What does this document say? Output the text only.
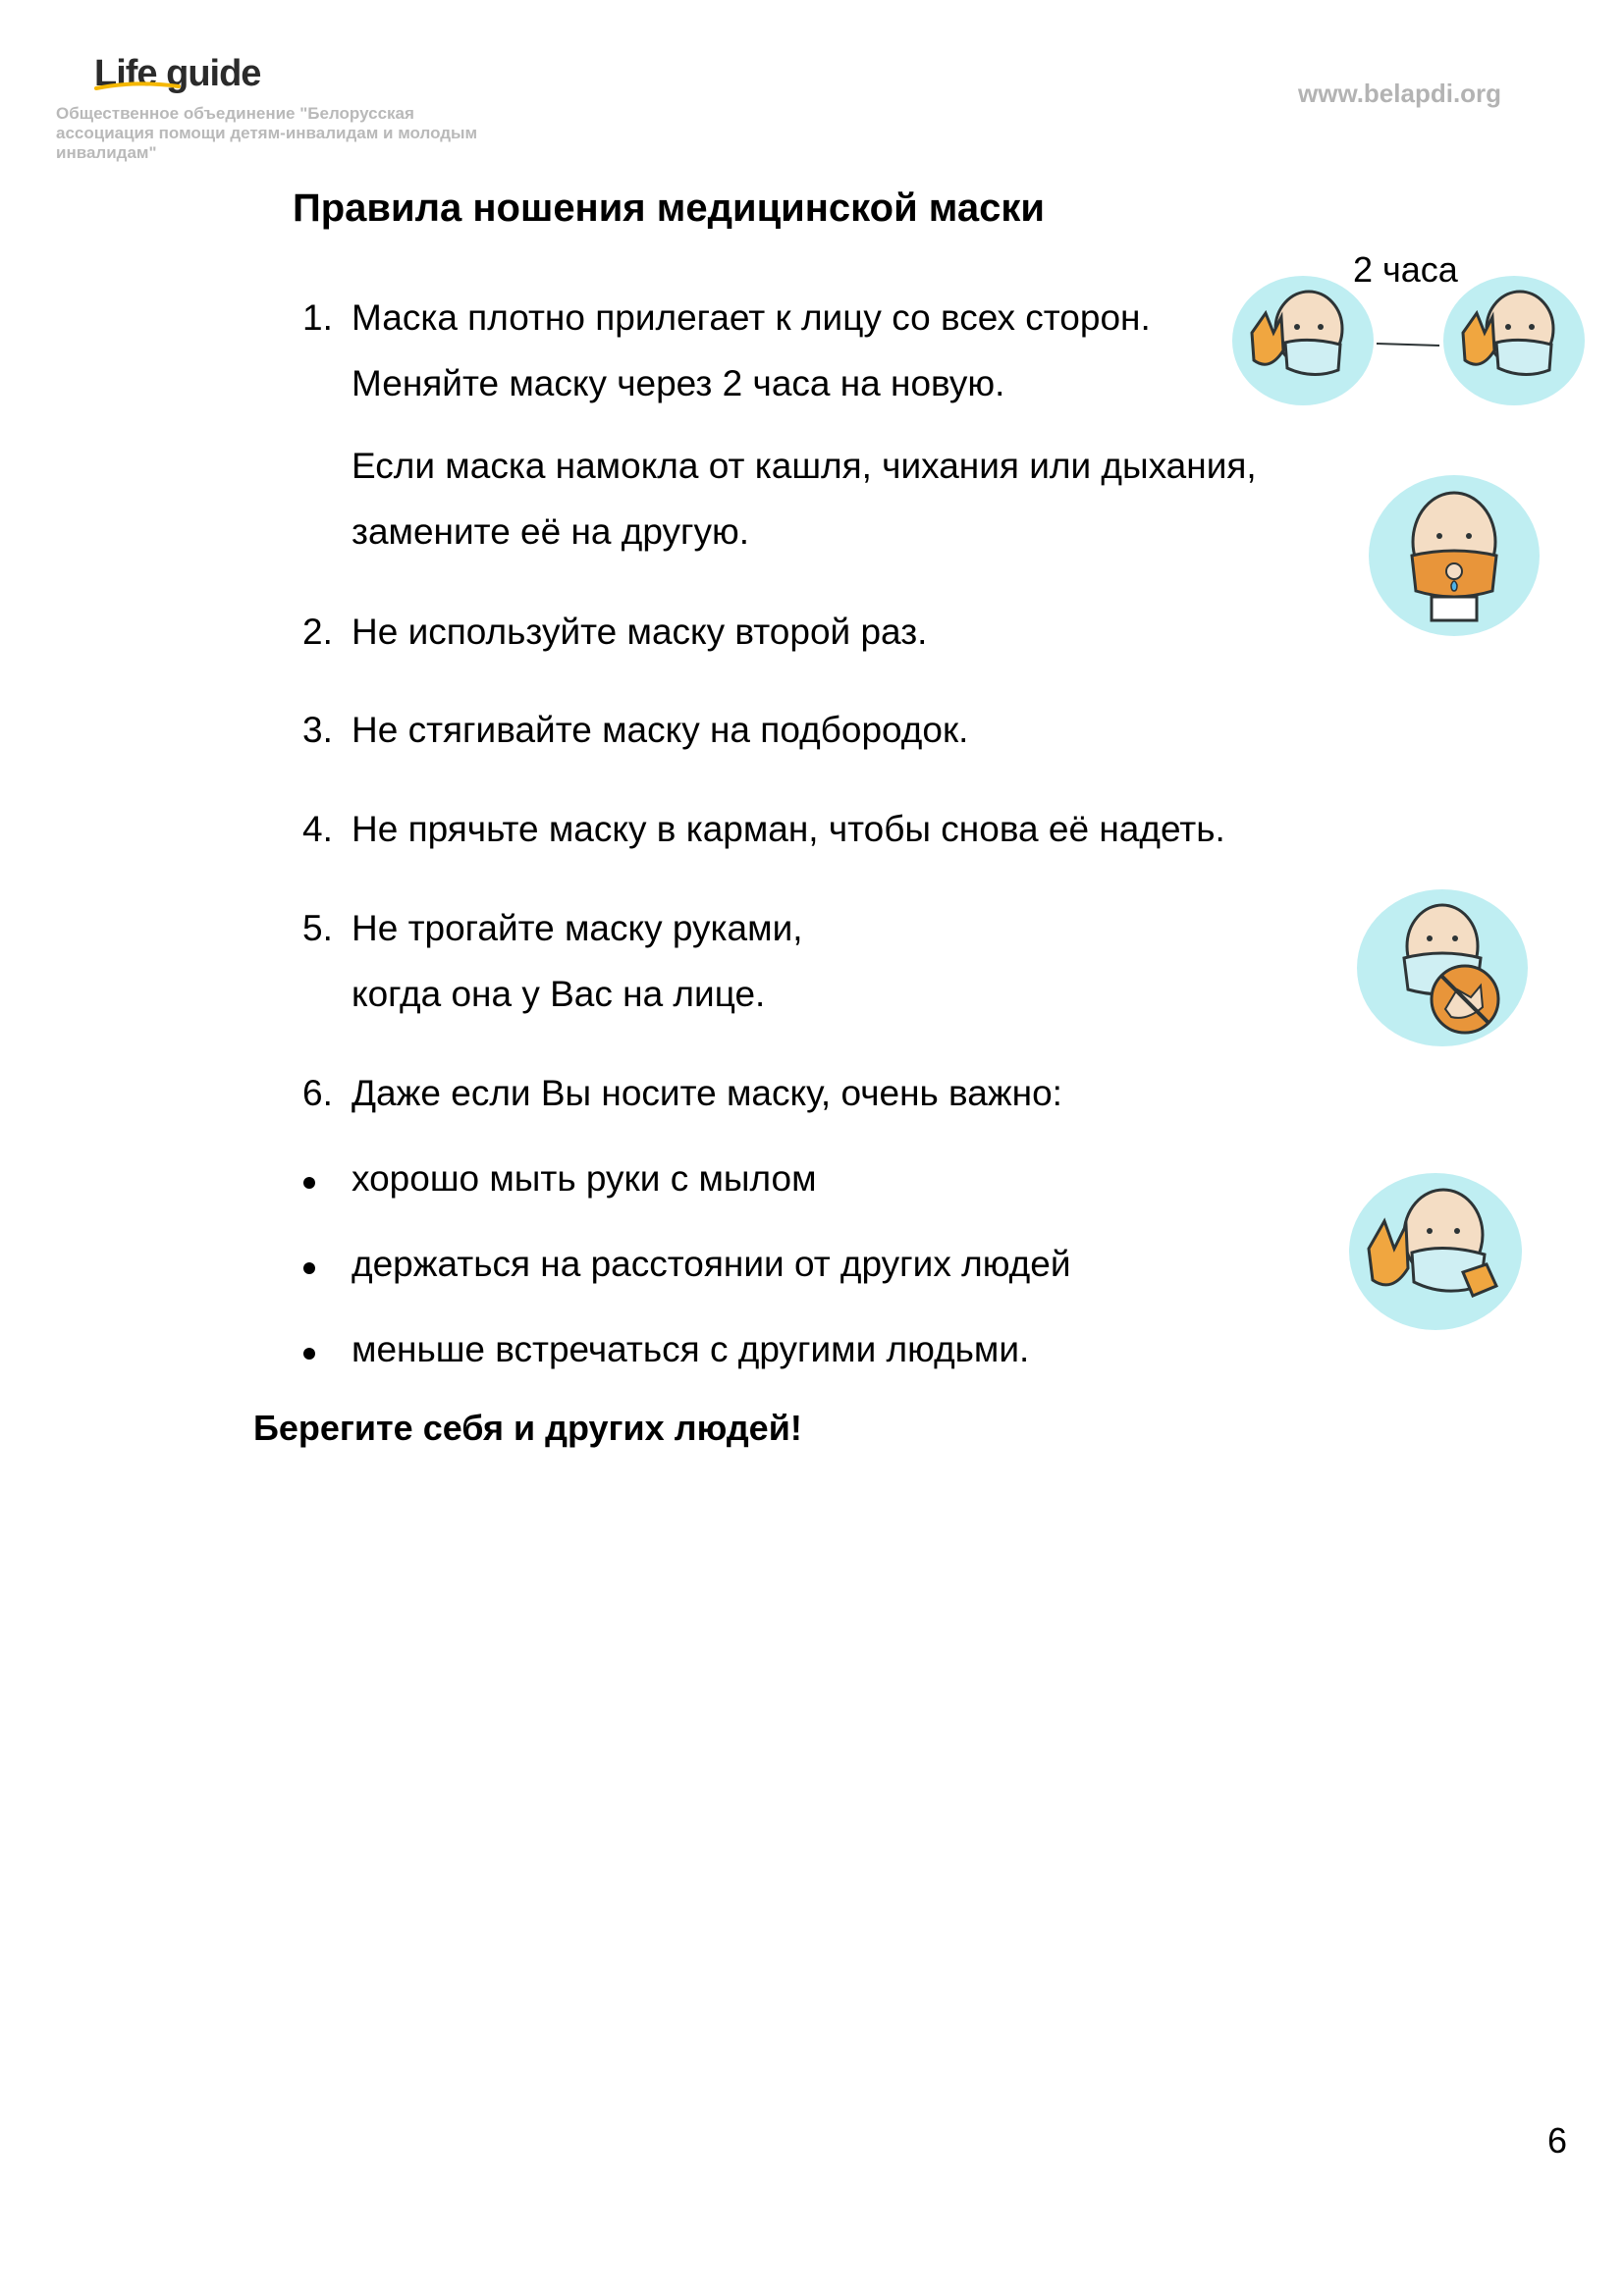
Life guide
Общественное объединение "Белорусская ассоциация помощи детям-инвалидам и молодым инвалидам"
www.belapdi.org
Правила ношения медицинской маски
1. Маска плотно прилегает к лицу со всех сторон.
Меняйте маску через 2 часа на новую.
Если маска намокла от кашля, чихания или дыхания,
замените её на другую.
2. Не используйте маску второй раз.
3. Не стягивайте маску на подбородок.
4. Не прячьте маску в карман, чтобы снова её надеть.
5. Не трогайте маску руками,
когда она у Вас на лице.
6. Даже если Вы носите маску, очень важно:
хорошо мыть руки с мылом
держаться на расстоянии от других людей
меньше встречаться с другими людьми.
Берегите себя и других людей!
6
2 часа
